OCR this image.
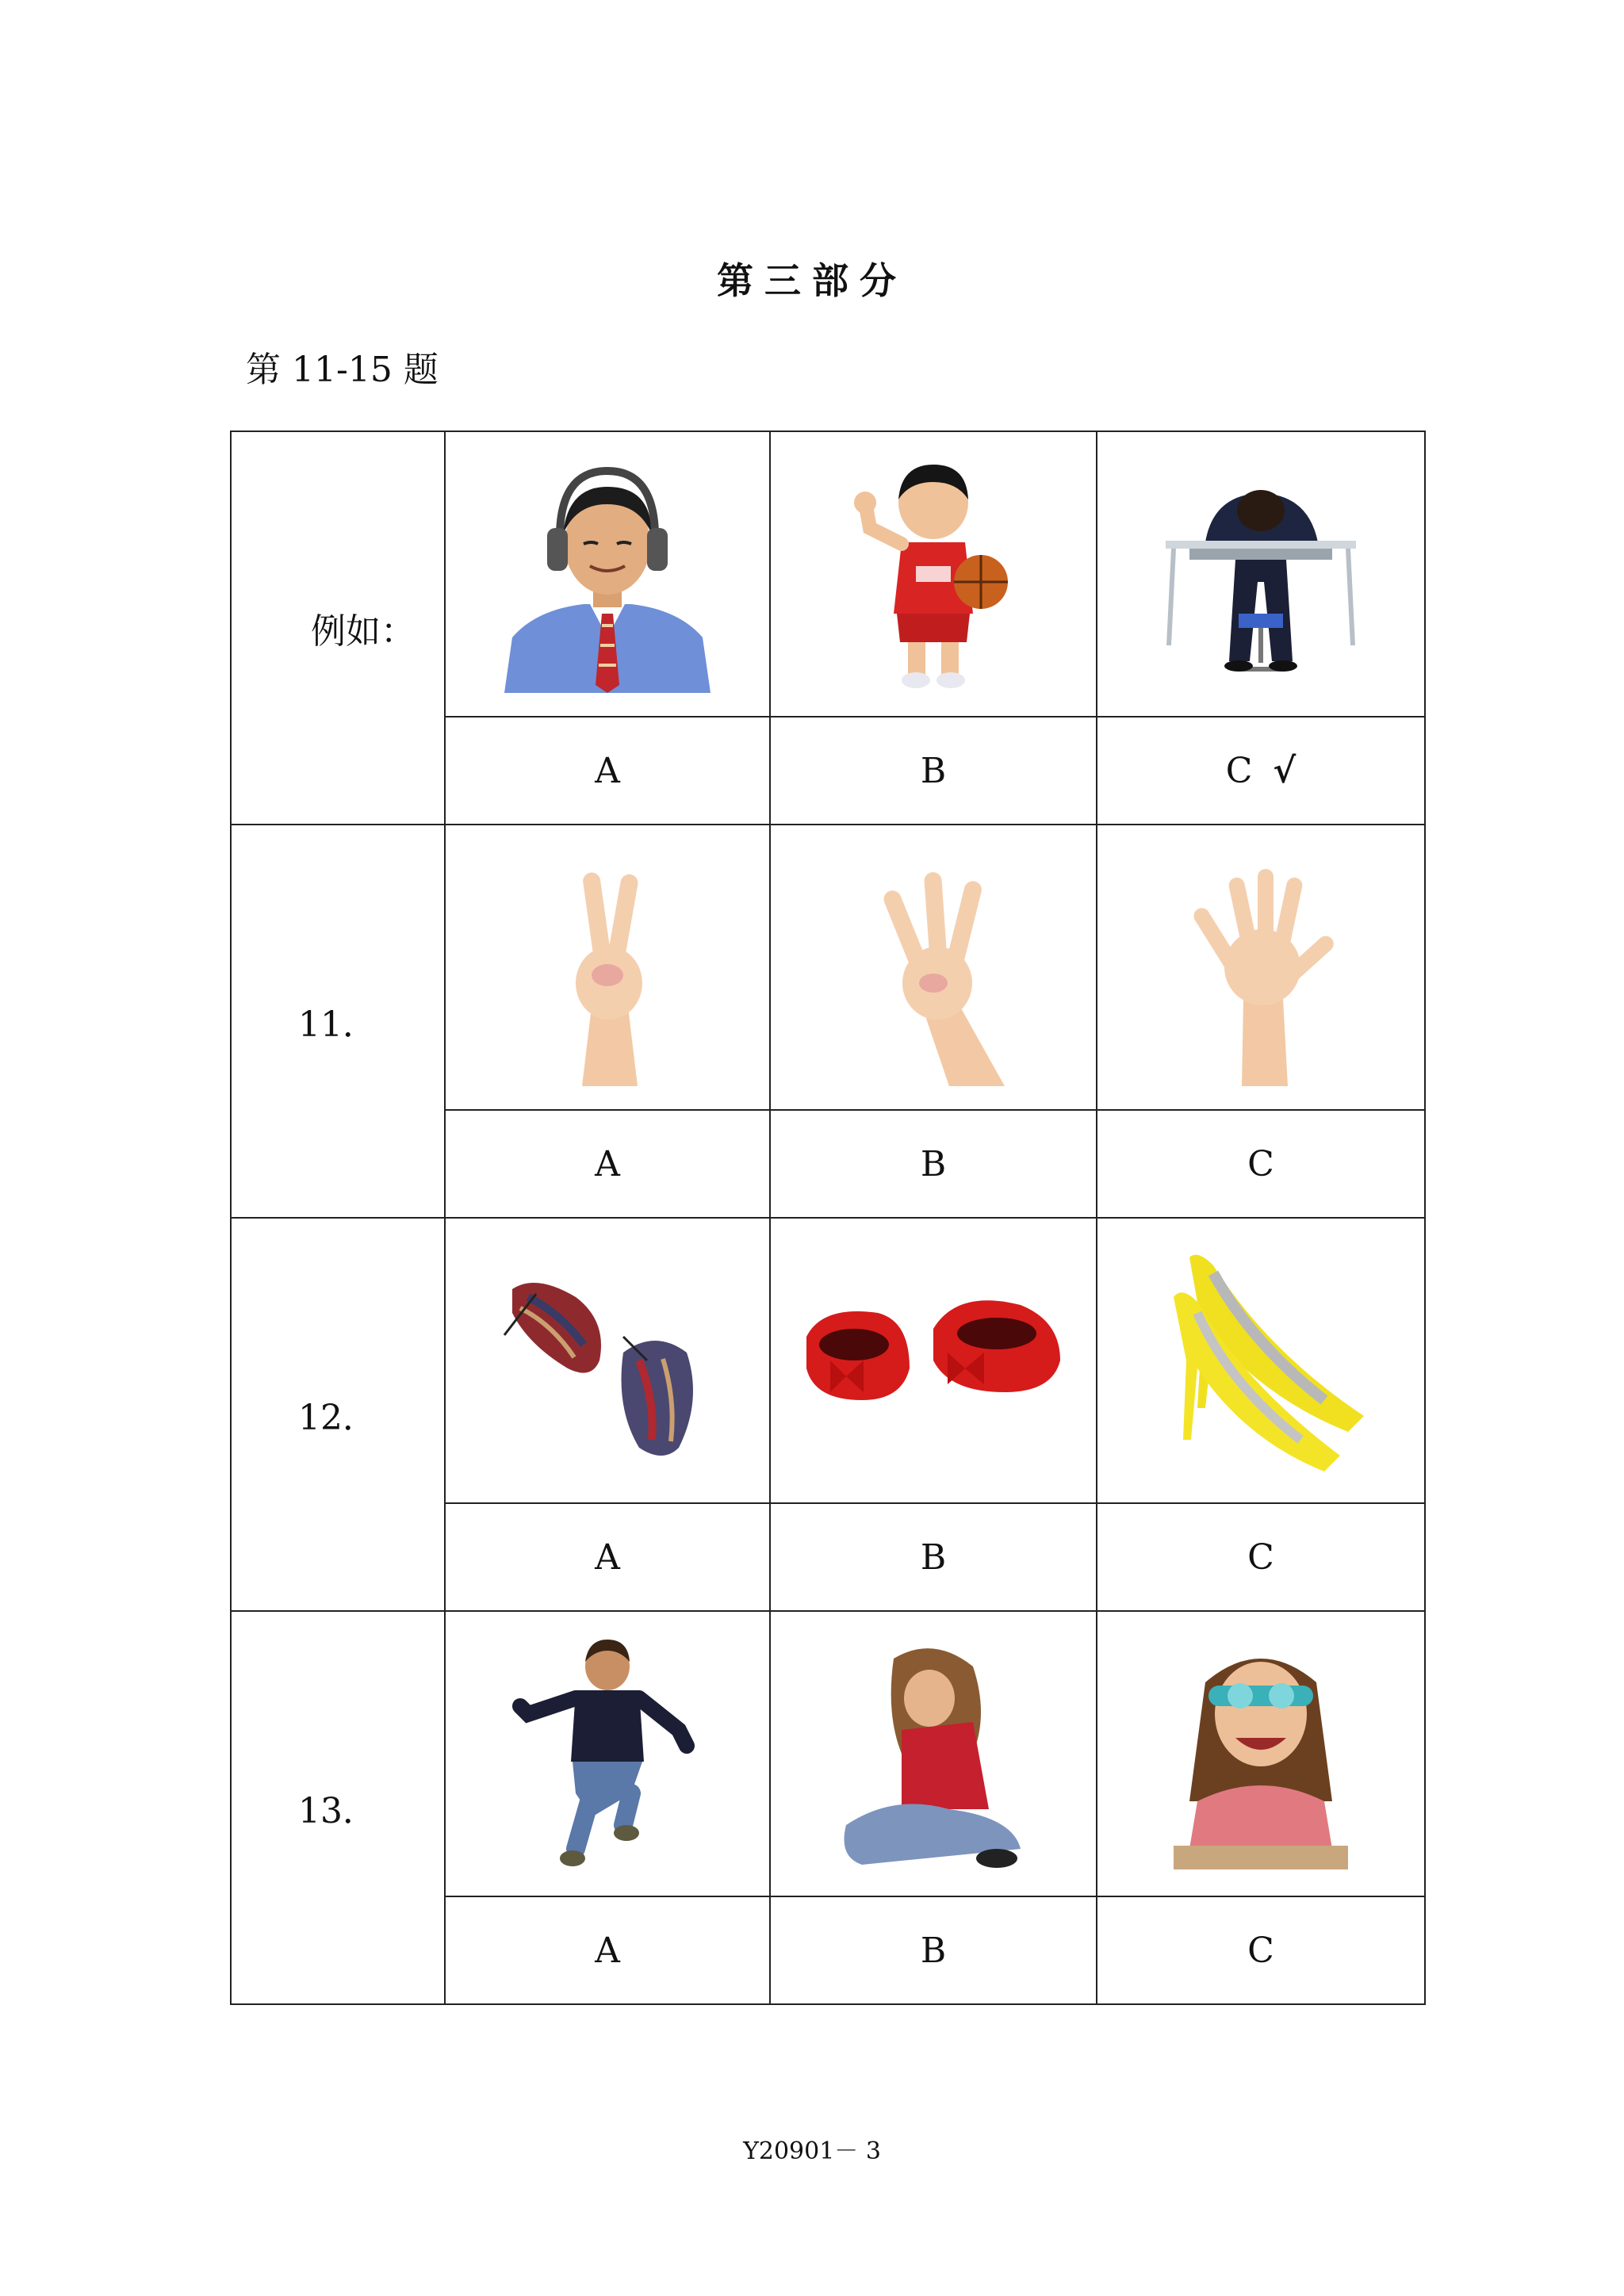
第三部分
第 11-15 题
例如：	

	A	B	C √
11．	

	A	B	C
12．	

	A	B	C
13．	

	A	B	C
Y20901－ 3
